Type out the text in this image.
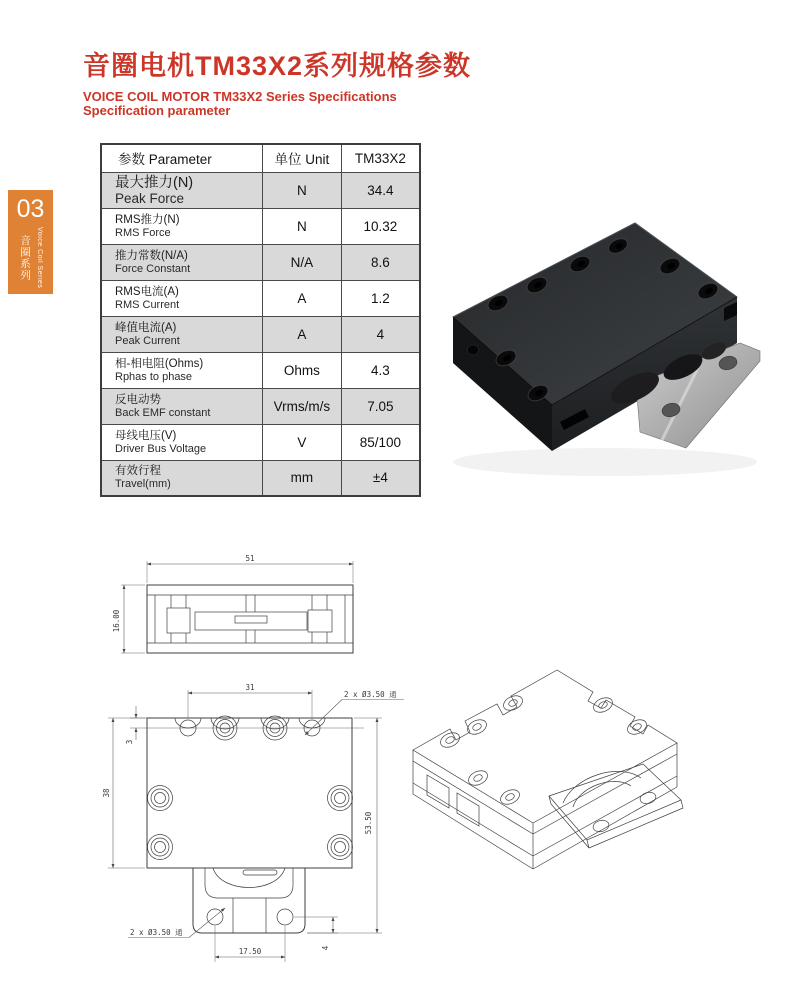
03
音圈系列 Voice Coil Series
音圈电机TM33X2系列规格参数
VOICE COIL MOTOR TM33X2 Series Specifications
Specification parameter
参数 Parameter	单位 Unit	TM33X2

最大推力(N)
Peak Force	N	34.4

RMS推力(N)
RMS Force	N	10.32

推力常数(N/A)
Force Constant	N/A	8.6

RMS电流(A)
RMS Current	A	1.2

峰值电流(A)
Peak Current	A	4

相-相电阻(Ohms)
Rphas to phase	Ohms	4.3

反电动势
Back EMF constant	Vrms/m/s	7.05

母线电压(V)
Driver Bus Voltage	V	85/100

有效行程
Travel(mm)	mm	±4
51
16.00
31
2 x Ø3.50 通
3
38
53.50
17.50	4
2 x Ø3.50 通
